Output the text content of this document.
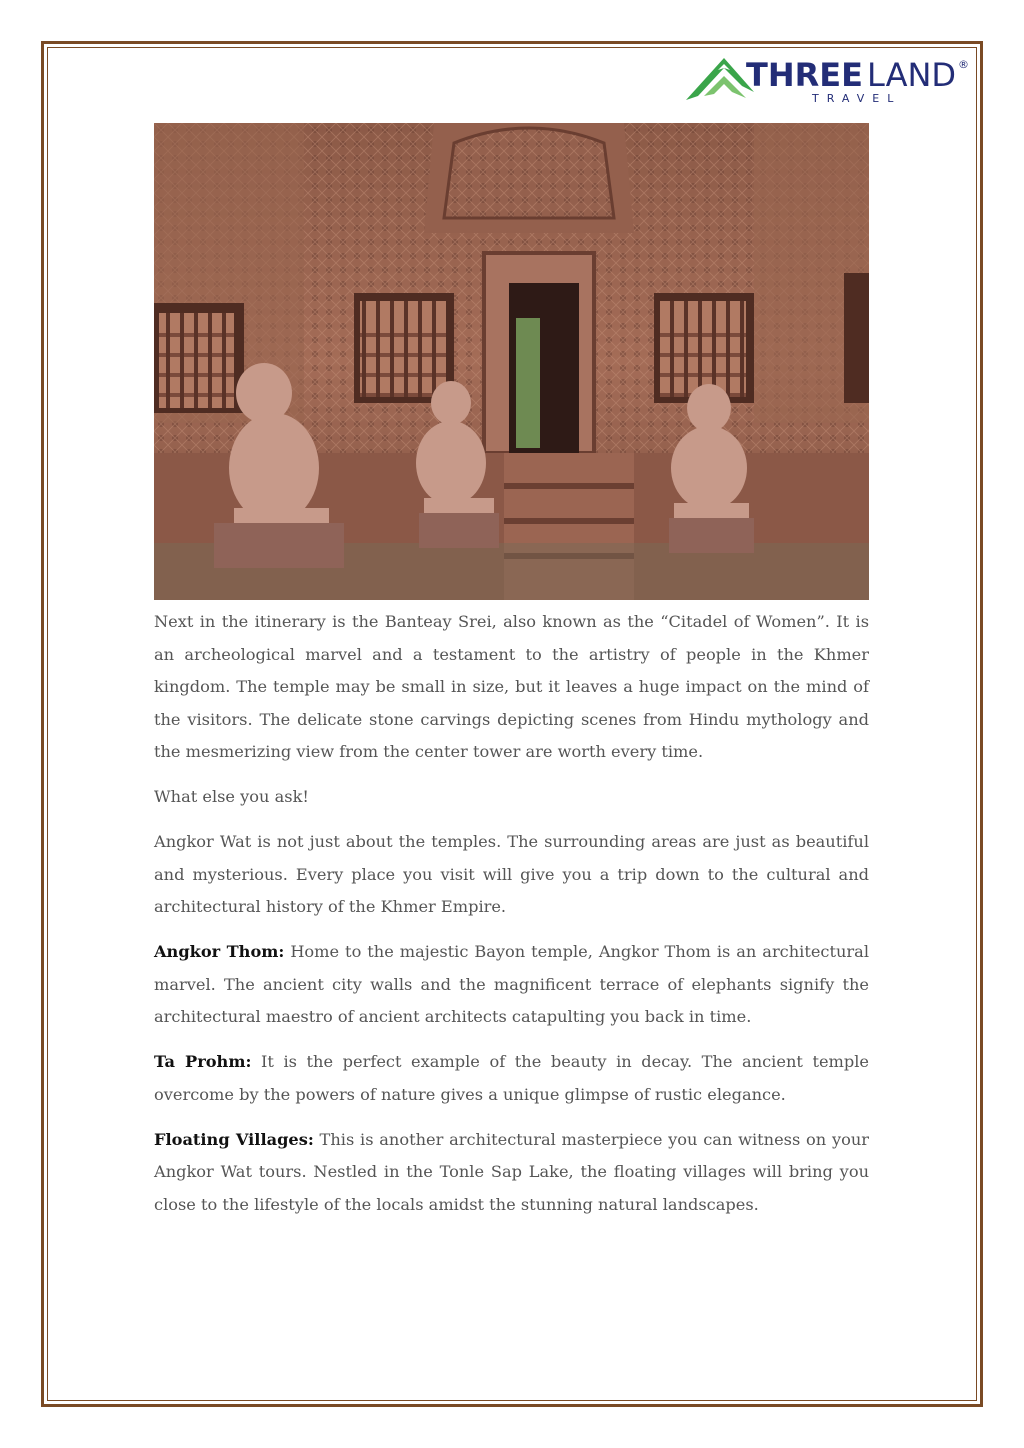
THREE LAND ®
TRAVEL

Next in the itinerary is the Banteay Srei, also known as the “Citadel of Women”. It is an archeological marvel and a testament to the artistry of people in the Khmer kingdom. The temple may be small in size, but it leaves a huge impact on the mind of the visitors. The delicate stone carvings depicting scenes from Hindu mythology and the mesmerizing view from the center tower are worth every time.

What else you ask!

Angkor Wat is not just about the temples. The surrounding areas are just as beautiful and mysterious. Every place you visit will give you a trip down to the cultural and architectural history of the Khmer Empire.

Angkor Thom: Home to the majestic Bayon temple, Angkor Thom is an architectural marvel. The ancient city walls and the magnificent terrace of elephants signify the architectural maestro of ancient architects catapulting you back in time.

Ta Prohm: It is the perfect example of the beauty in decay. The ancient temple overcome by the powers of nature gives a unique glimpse of rustic elegance.

Floating Villages: This is another architectural masterpiece you can witness on your Angkor Wat tours. Nestled in the Tonle Sap Lake, the floating villages will bring you close to the lifestyle of the locals amidst the stunning natural landscapes.
